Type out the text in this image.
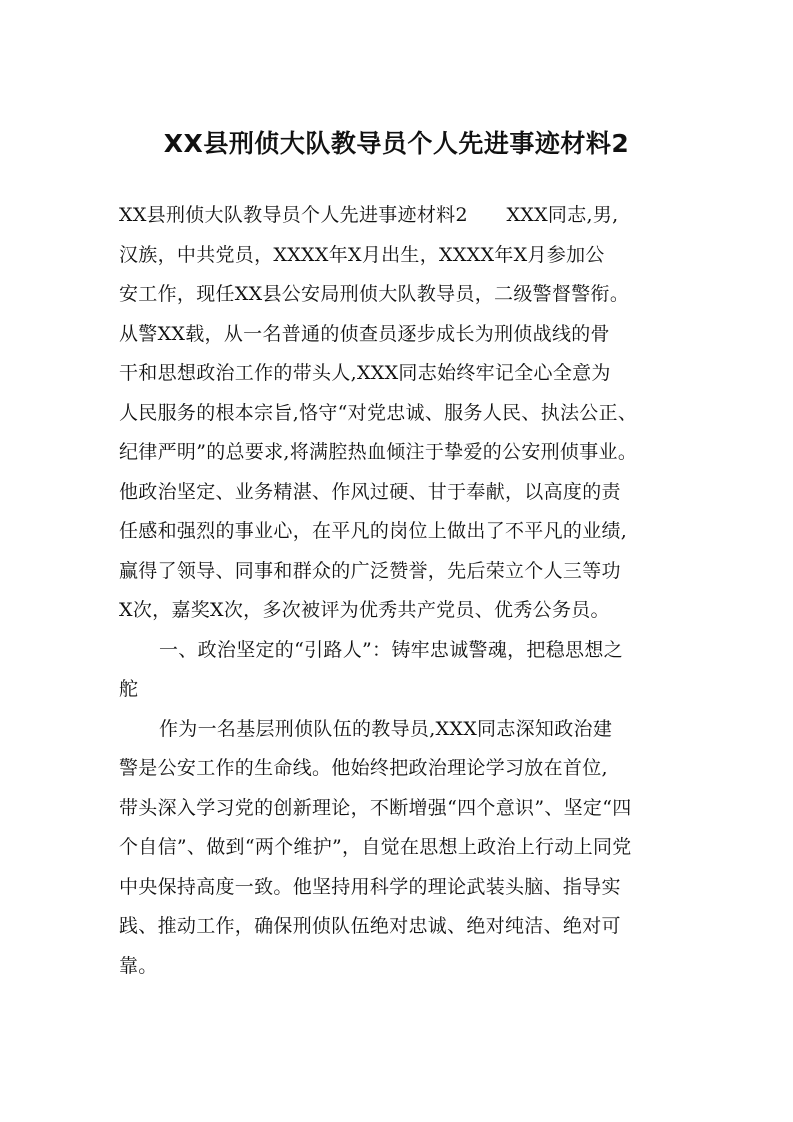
XX县刑侦大队教导员个人先进事迹材料2
XX县刑侦大队教导员个人先进事迹材料2　　XXX同志,男,
汉族，中共党员，XXXX年X月出生，XXXX年X月参加公
安工作，现任XX县公安局刑侦大队教导员，二级警督警衔。
从警XX载，从一名普通的侦查员逐步成长为刑侦战线的骨
干和思想政治工作的带头人,XXX同志始终牢记全心全意为
人民服务的根本宗旨,恪守“对党忠诚、服务人民、执法公正、
纪律严明”的总要求,将满腔热血倾注于挚爱的公安刑侦事业。
他政治坚定、业务精湛、作风过硬、甘于奉献，以高度的责
任感和强烈的事业心，在平凡的岗位上做出了不平凡的业绩,
赢得了领导、同事和群众的广泛赞誉，先后荣立个人三等功
X次，嘉奖X次，多次被评为优秀共产党员、优秀公务员。
一、政治坚定的“引路人”：铸牢忠诚警魂，把稳思想之
舵
作为一名基层刑侦队伍的教导员,XXX同志深知政治建
警是公安工作的生命线。他始终把政治理论学习放在首位,
带头深入学习党的创新理论，不断增强“四个意识”、坚定“四
个自信”、做到“两个维护”，自觉在思想上政治上行动上同党
中央保持高度一致。他坚持用科学的理论武装头脑、指导实
践、推动工作，确保刑侦队伍绝对忠诚、绝对纯洁、绝对可
靠。
